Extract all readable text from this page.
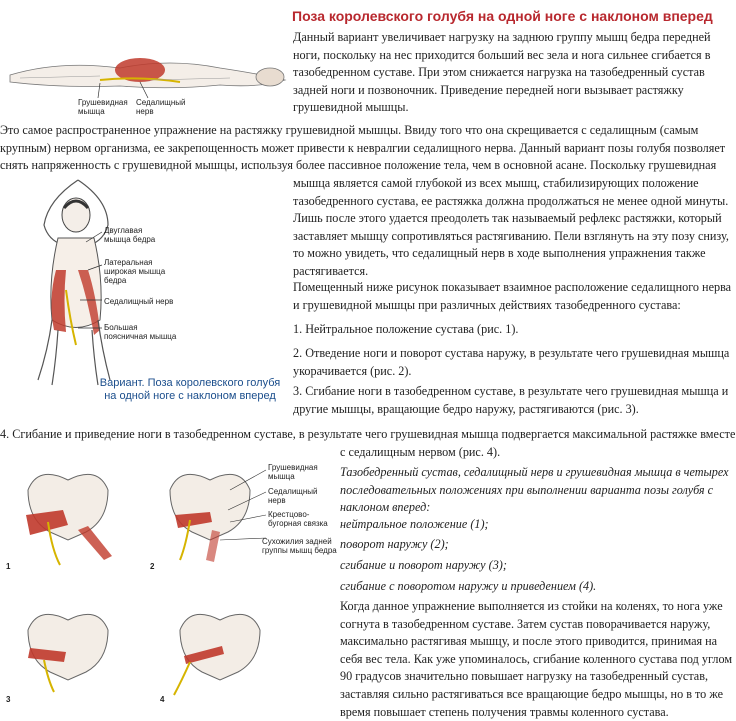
Поза королевского голубя на одной ноге с наклоном вперед

Данный вариант увеличивает нагрузку на заднюю группу мышц бедра передней

ноги, поскольку на нес приходится больший вес зела и нога сильнее сгибается в

тазобедренном суставе. При этом снижается нагрузка на тазобедренный сустав

задней ноги и позвоночник. Приведение передней ноги вызывает растяжку

грушевидной мышцы.

Грушевидная
мышца
Седалищный
нерв

Это самое распространенное упражнение на растяжку грушевидной мышцы. Ввиду того что она скрещивается с седалищным (самым

крупным) нервом организма, ее закрепощенность может привести к невралгии седалищного нерва. Данный вариант позы голубя позволяет

снять напряженность с грушевидной мышцы, используя более пассивное положение тела, чем в основной асане. Поскольку грушевидная

мышца является самой глубокой из всех мышц, стабилизирующих положение

тазобедренного сустава, ее растяжка должна продолжаться не менее одной минуты.

Лишь после этого удается преодолеть так называемый рефлекс растяжки, который

заставляет мышцу сопротивляться растягиванию. Пели взглянуть на эту позу снизу,

то можно увидеть, что седалищный нерв в ходе выполнения упражнения также

растягивается.

Помещенный ниже рисунок показывает взаимное расположение седалищного нерва

и грушевидной мышцы при различных действиях тазобедренного сустава:

1. Нейтральное положение сустава (рис. 1).

2. Отведение ноги и поворот сустава наружу, в результате чего грушевидная мышца

укорачивается (рис. 2).

3. Сгибание ноги в тазобедренном суставе, в результате чего грушевидная мышца и

другие мышцы, вращающие бедро наружу, растягиваются (рис. 3).

Двуглавая
мышца бедра
Латеральная
широкая мышца
бедра
Седалищный нерв
Большая
поясничная мышца
Вариант. Поза королевского голубя
на одной ноге с наклоном вперед

4. Сгибание и приведение ноги в тазобедренном суставе, в результате чего грушевидная мышца подвергается максимальной растяжке вместе

с седалищным нервом (рис. 4).

1	2
Грушевидная
мышца
Седалищный
нерв
Крестцово-
бугорная связка
Сухожилия задней
группы мышц бедра
3	4

Тазобедренный сустав, седалищный нерв и грушевидная мышца в четырех

последовательных положениях при выполнении варианта позы голубя с

наклоном вперед:

нейтральное положение (1);
поворот наружу (2);
сгибание и поворот наружу (3);
сгибание с поворотом наружу и приведением (4).

Когда данное упражнение выполняется из стойки на коленях, то нога уже

согнута в тазобедренном суставе. Затем сустав поворачивается наружу,

максимально растягивая мышцу, и после этого приводится, принимая на

себя вес тела. Как уже упоминалось, сгибание коленного сустава под углом

90 градусов значительно повышает нагрузку на тазобедренный сустав,

заставляя сильно растягиваться все вращающие бедро мышцы, но в то же

время повышает степень получения травмы коленного сустава.
